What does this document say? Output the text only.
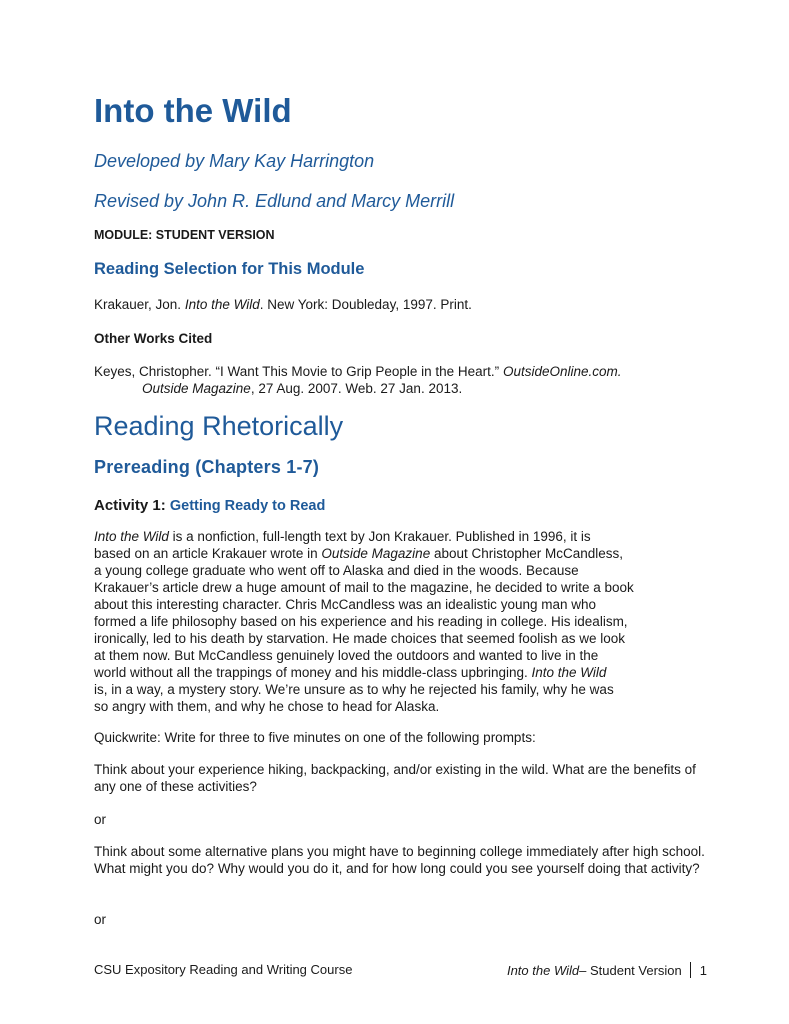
Into the Wild
Developed by Mary Kay Harrington
Revised by John R. Edlund and Marcy Merrill
MODULE: STUDENT VERSION
Reading Selection for This Module
Krakauer, Jon. Into the Wild. New York: Doubleday, 1997. Print.
Other Works Cited
Keyes, Christopher. “I Want This Movie to Grip People in the Heart.” OutsideOnline.com.
Outside Magazine, 27 Aug. 2007. Web. 27 Jan. 2013.
Reading Rhetorically
Prereading (Chapters 1-7)
Activity 1: Getting Ready to Read
Into the Wild is a nonfiction, full-length text by Jon Krakauer. Published in 1996, it is
based on an article Krakauer wrote in Outside Magazine about Christopher McCandless,
a young college graduate who went off to Alaska and died in the woods. Because
Krakauer’s article drew a huge amount of mail to the magazine, he decided to write a book
about this interesting character. Chris McCandless was an idealistic young man who
formed a life philosophy based on his experience and his reading in college. His idealism,
ironically, led to his death by starvation. He made choices that seemed foolish as we look
at them now. But McCandless genuinely loved the outdoors and wanted to live in the
world without all the trappings of money and his middle-class upbringing. Into the Wild
is, in a way, a mystery story. We’re unsure as to why he rejected his family, why he was
so angry with them, and why he chose to head for Alaska.
Quickwrite: Write for three to five minutes on one of the following prompts:
Think about your experience hiking, backpacking, and/or existing in the wild. What are the benefits of any one of these activities?
or
Think about some alternative plans you might have to beginning college immediately after high school. What might you do? Why would you do it, and for how long could you see yourself doing that activity?
or
CSU Expository Reading and Writing Course	Into the Wild – Student Version 1
